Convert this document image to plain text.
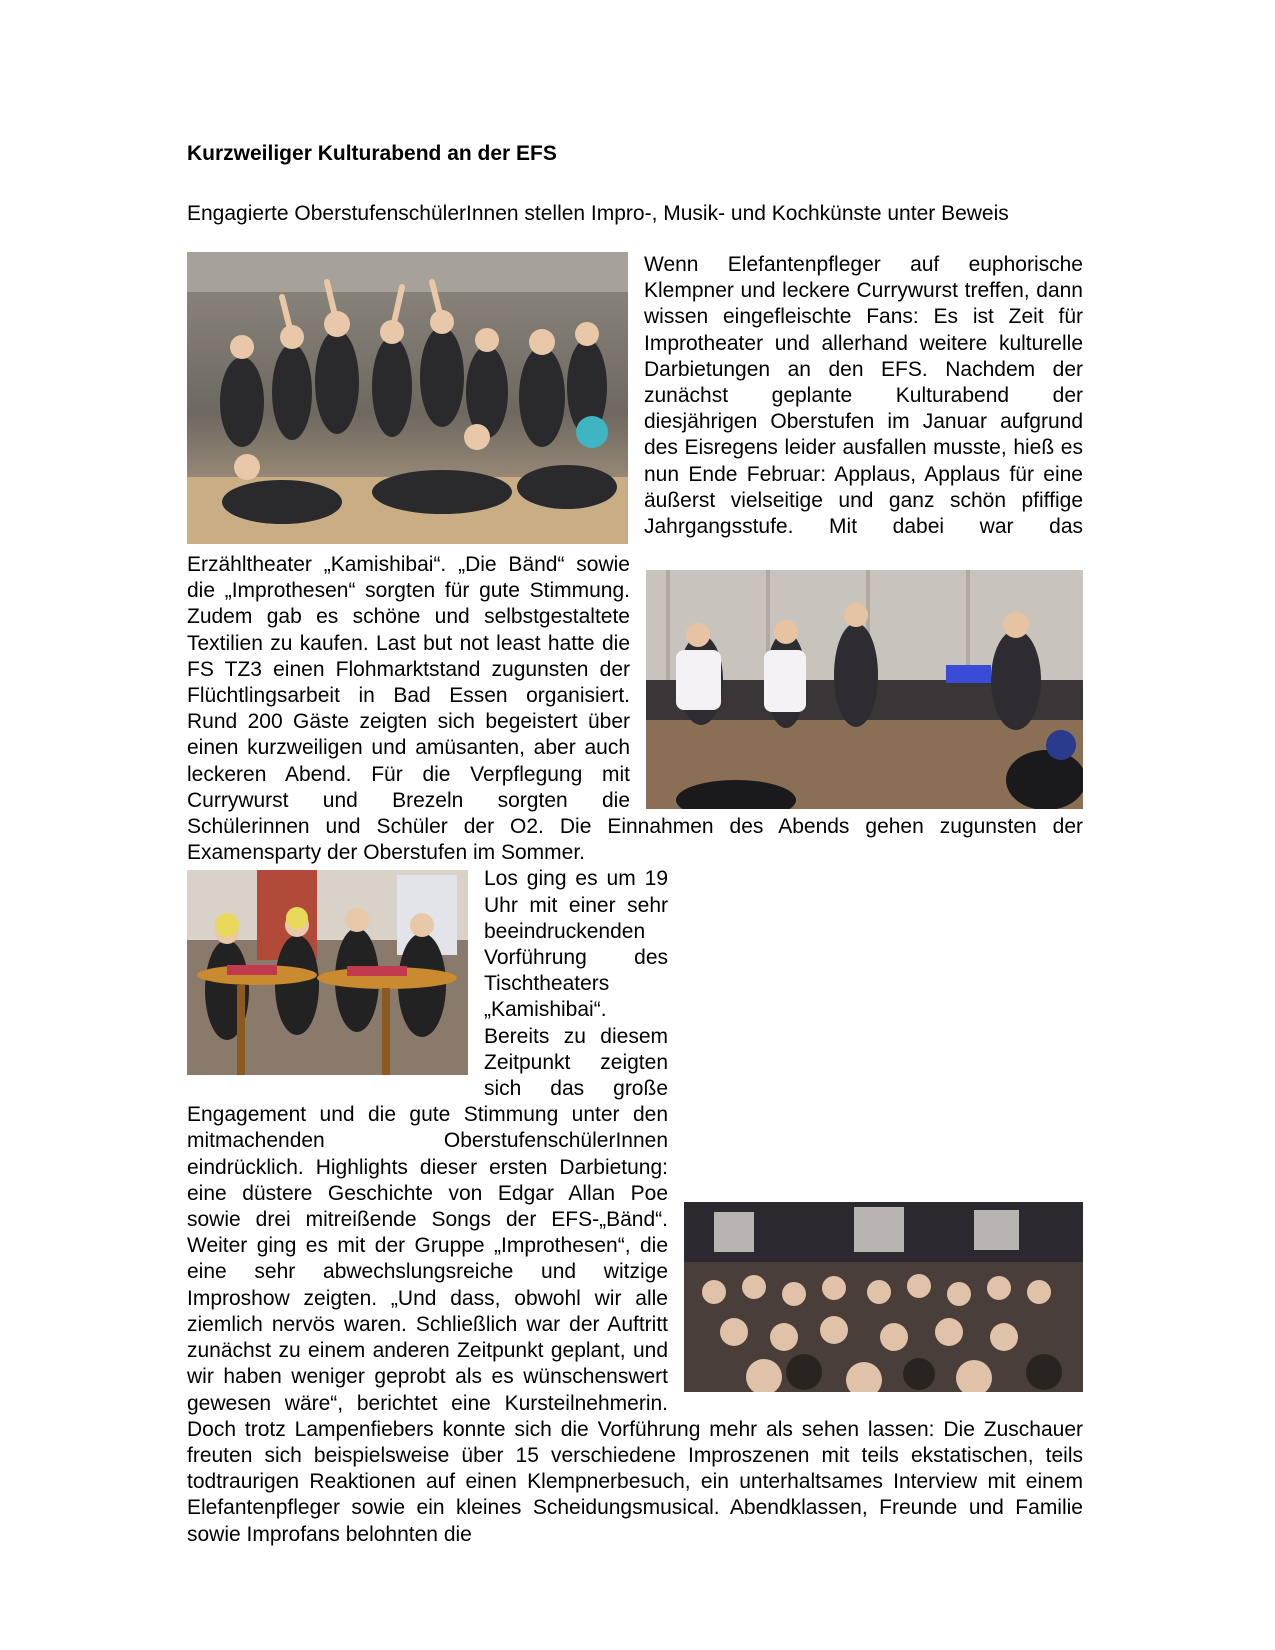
Kurzweiliger Kulturabend an der EFS

Engagierte OberstufenschülerInnen stellen Impro-, Musik- und Kochkünste unter Beweis

Wenn Elefantenpfleger auf euphorische Klempner und leckere Currywurst treffen, dann wissen eingefleischte Fans: Es ist Zeit für Improtheater und allerhand weitere kulturelle Darbietungen an den EFS. Nachdem der zunächst geplante Kulturabend der diesjährigen Oberstufen im Januar aufgrund des Eisregens leider ausfallen musste, hieß es nun Ende Februar: Applaus, Applaus für eine äußerst vielseitige und ganz schön pfiffige Jahrgangsstufe. Mit dabei war das Erzähltheater „Kamishibai“. „Die Bänd“ sowie die „Improthesen“ sorgten für gute Stimmung. Zudem gab es schöne und selbstgestaltete Textilien zu kaufen. Last but not least hatte die FS TZ3 einen Flohmarktstand zugunsten der Flüchtlingsarbeit in Bad Essen organisiert. Rund 200 Gäste zeigten sich begeistert über einen kurzweiligen und amüsanten, aber auch leckeren Abend. Für die Verpflegung mit Currywurst und Brezeln sorgten die Schülerinnen und Schüler der O2. Die Einnahmen des Abends gehen zugunsten der Examensparty der Oberstufen im Sommer.

Los ging es um 19 Uhr mit einer sehr beeindruckenden Vorführung des Tischtheaters „Kamishibai“. Bereits zu diesem Zeitpunkt zeigten sich das große Engagement und die gute Stimmung unter den mitmachenden OberstufenschülerInnen eindrücklich. Highlights dieser ersten Darbietung: eine düstere Geschichte von Edgar Allan Poe sowie drei mitreißende Songs der EFS-„Bänd“. Weiter ging es mit der Gruppe „Improthesen“, die eine sehr abwechslungsreiche und witzige Improshow zeigten. „Und dass, obwohl wir alle ziemlich nervös waren. Schließlich war der Auftritt zunächst zu einem anderen Zeitpunkt geplant, und wir haben weniger geprobt als es wünschenswert gewesen wäre“, berichtet eine Kursteilnehmerin. Doch trotz Lampenfiebers konnte sich die Vorführung mehr als sehen lassen: Die Zuschauer freuten sich beispielsweise über 15 verschiedene Improszenen mit teils ekstatischen, teils todtraurigen Reaktionen auf einen Klempnerbesuch, ein unterhaltsames Interview mit einem Elefantenpfleger sowie ein kleines Scheidungsmusical. Abendklassen, Freunde und Familie sowie Improfans belohnten die
